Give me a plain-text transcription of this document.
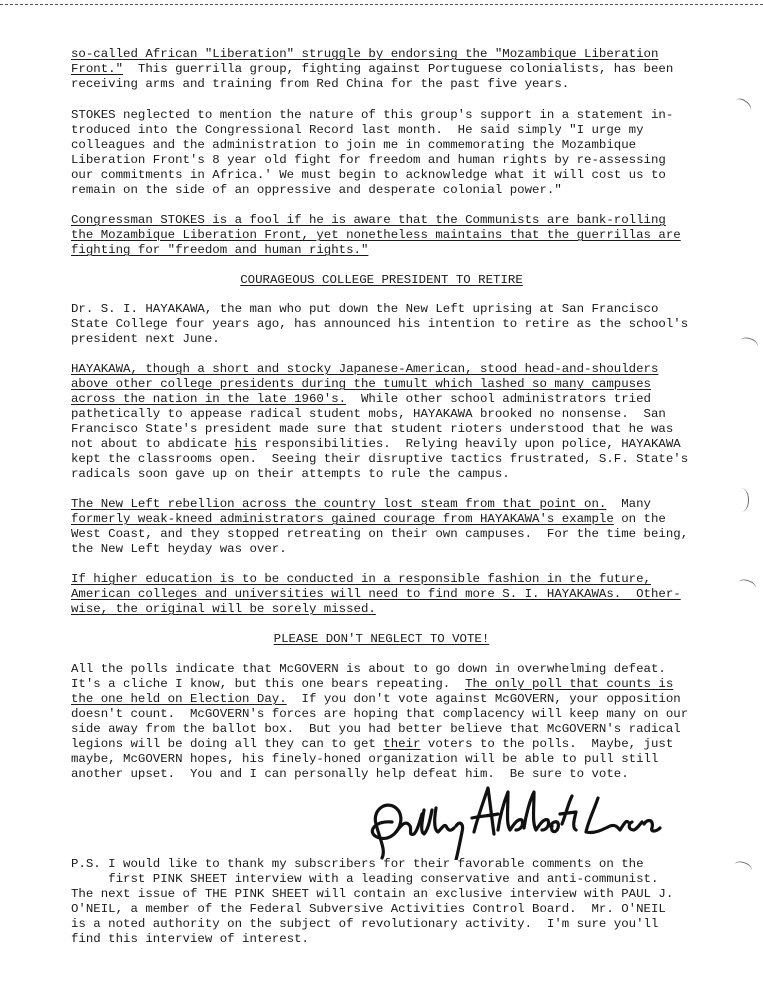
so-called African "Liberation" struggle by endorsing the "Mozambique Liberation
Front."  This guerrilla group, fighting against Portuguese colonialists, has been
receiving arms and training from Red China for the past five years.
STOKES neglected to mention the nature of this group's support in a statement in-
troduced into the Congressional Record last month.  He said simply "I urge my
colleagues and the administration to join me in commemorating the Mozambique
Liberation Front's 8 year old fight for freedom and human rights by re-assessing
our commitments in Africa.' We must begin to acknowledge what it will cost us to
remain on the side of an oppressive and desperate colonial power."
Congressman STOKES is a fool if he is aware that the Communists are bank-rolling
the Mozambique Liberation Front, yet nonetheless maintains that the guerrillas are
fighting for "freedom and human rights."
COURAGEOUS COLLEGE PRESIDENT TO RETIRE
Dr. S. I. HAYAKAWA, the man who put down the New Left uprising at San Francisco
State College four years ago, has announced his intention to retire as the school's
president next June.
HAYAKAWA, though a short and stocky Japanese-American, stood head-and-shoulders
above other college presidents during the tumult which lashed so many campuses
across the nation in the late 1960's.  While other school administrators tried
pathetically to appease radical student mobs, HAYAKAWA brooked no nonsense.  San
Francisco State's president made sure that student rioters understood that he was
not about to abdicate his responsibilities.  Relying heavily upon police, HAYAKAWA
kept the classrooms open.  Seeing their disruptive tactics frustrated, S.F. State's
radicals soon gave up on their attempts to rule the campus.
The New Left rebellion across the country lost steam from that point on.  Many
formerly weak-kneed administrators gained courage from HAYAKAWA's example on the
West Coast, and they stopped retreating on their own campuses.  For the time being,
the New Left heyday was over.
If higher education is to be conducted in a responsible fashion in the future,
American colleges and universities will need to find more S. I. HAYAKAWAs.  Other-
wise, the original will be sorely missed.
PLEASE DON'T NEGLECT TO VOTE!
All the polls indicate that McGOVERN is about to go down in overwhelming defeat.
It's a cliche I know, but this one bears repeating.  The only poll that counts is
the one held on Election Day.  If you don't vote against McGOVERN, your opposition
doesn't count.  McGOVERN's forces are hoping that complacency will keep many on our
side away from the ballot box.  But you had better believe that McGOVERN's radical
legions will be doing all they can to get their voters to the polls.  Maybe, just
maybe, McGOVERN hopes, his finely-honed organization will be able to pull still
another upset.  You and I can personally help defeat him.  Be sure to vote.
P.S. I would like to thank my subscribers for their favorable comments on the
first PINK SHEET interview with a leading conservative and anti-communist.
The next issue of THE PINK SHEET will contain an exclusive interview with PAUL J.
O'NEIL, a member of the Federal Subversive Activities Control Board.  Mr. O'NEIL
is a noted authority on the subject of revolutionary activity.  I'm sure you'll
find this interview of interest.
